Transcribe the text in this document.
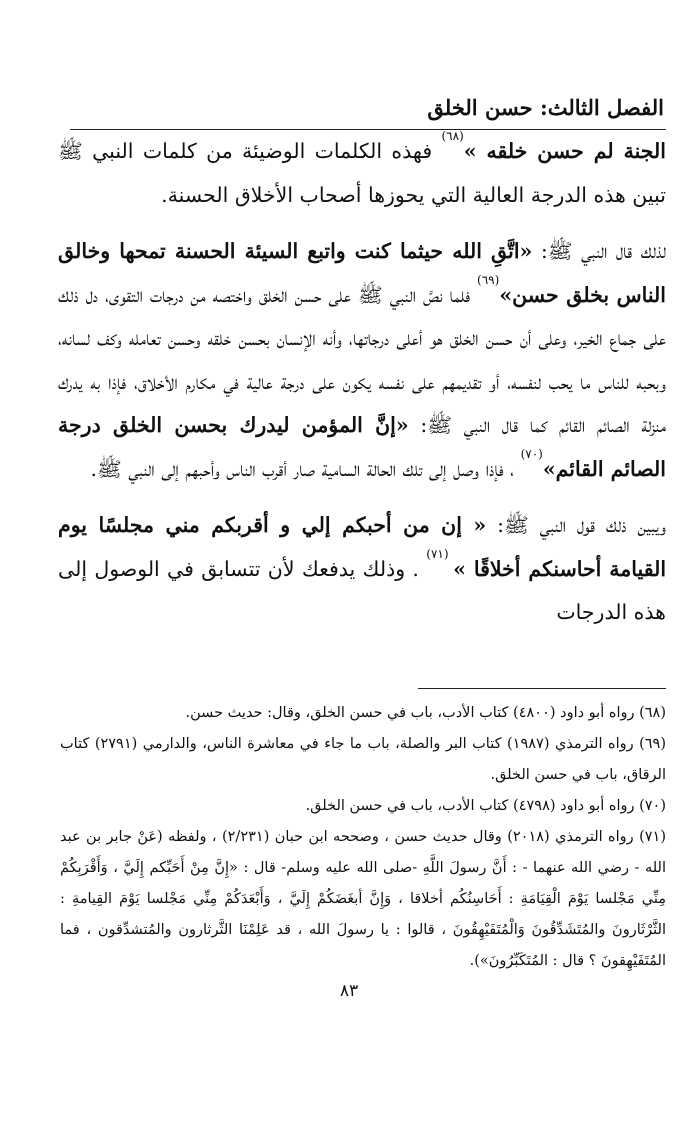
الفصل الثالث: حسن الخلق

الجنة لم حسن خلقه »$^{(٦٨)}$ فهذه الكلمات الوضيئة من كلمات النبي ﷺ تبين هذه الدرجة العالية التي يحوزها أصحاب الأخلاق الحسنة.

لذلك قال النبي ﷺ: «اتَّقِ الله حيثما كنت واتبع السيئة الحسنة تمحها وخالق الناس بخلق حسن»$^{(٦٩)}$ فلما نصَّ النبي ﷺ على حسن الخلق واختصه من درجات التقوى، دل ذلك على جماع الخير، وعلى أن حسن الخلق هو أعلى درجاتها، وأنه الإنسان بحسن خلقه وحسن تعامله وكف لسانه، وبحبه للناس ما يحب لنفسه، أو تقديمهم على نفسه يكون على درجة عالية في مكارم الأخلاق، فإذا به يدرك منزلة الصائم القائم كما قال النبي ﷺ: «إنَّ المؤمن ليدرك بحسن الخلق درجة الصائم القائم»$^{(٧٠)}$ ، فإذا وصل إلى تلك الحالة السامية صار أقرب الناس وأحبهم إلى النبي ﷺ.

ويبين ذلك قول النبي ﷺ: « إن من أحبكم إلي و أقربكم مني مجلسًا يوم القيامة أحاسنكم أخلاقًا » $^{(٧١)}$ . وذلك يدفعك لأن تتسابق في الوصول إلى هذه الدرجات

(٦٨) رواه أبو داود (٤٨٠٠) كتاب الأدب، باب في حسن الخلق، وقال: حديث حسن.

(٦٩) رواه الترمذي (١٩٨٧) كتاب البر والصلة، باب ما جاء في معاشرة الناس، والدارمي (٢٧٩١) كتاب الرقاق، باب في حسن الخلق.

(٧٠) رواه أبو داود (٤٧٩٨) كتاب الأدب، باب في حسن الخلق.

(٧١) رواه الترمذي (٢٠١٨) وقال حديث حسن ، وصححه ابن حبان (٢/٢٣١) ، ولفظه (عَنْ جابر بن عبد الله - رضي الله عنهما - : أَنَّ رسولَ اللَّهِ -صلى الله عليه وسلم- قال : «إِنَّ مِنْ أَحَبِّكم إِلَيَّ ، وَأَقْرَبِكُمْ مِنِّي مَجْلسا يَوْمَ الْقِيَامَةِ : أَحَاسِنُكُم أخلاقا ، وَإِنَّ أبغَضَكُمْ إِلَيَّ ، وَأَبْعَدَكُمْ مِنِّي مَجْلسا يَوْمَ القِيامةِ : الثَّرْثَارونَ والمُتَشَدِّقُونَ وَالْمُتَفَيْهِقُونَ ، قالوا : يا رسولَ الله ، قد عَلِمْنَا الثَّرثارون والمُتشدِّقون ، فما المُتَفَيْهِقونَ ؟ قال : المُتَكَبِّرُونَ»).

٨٣
